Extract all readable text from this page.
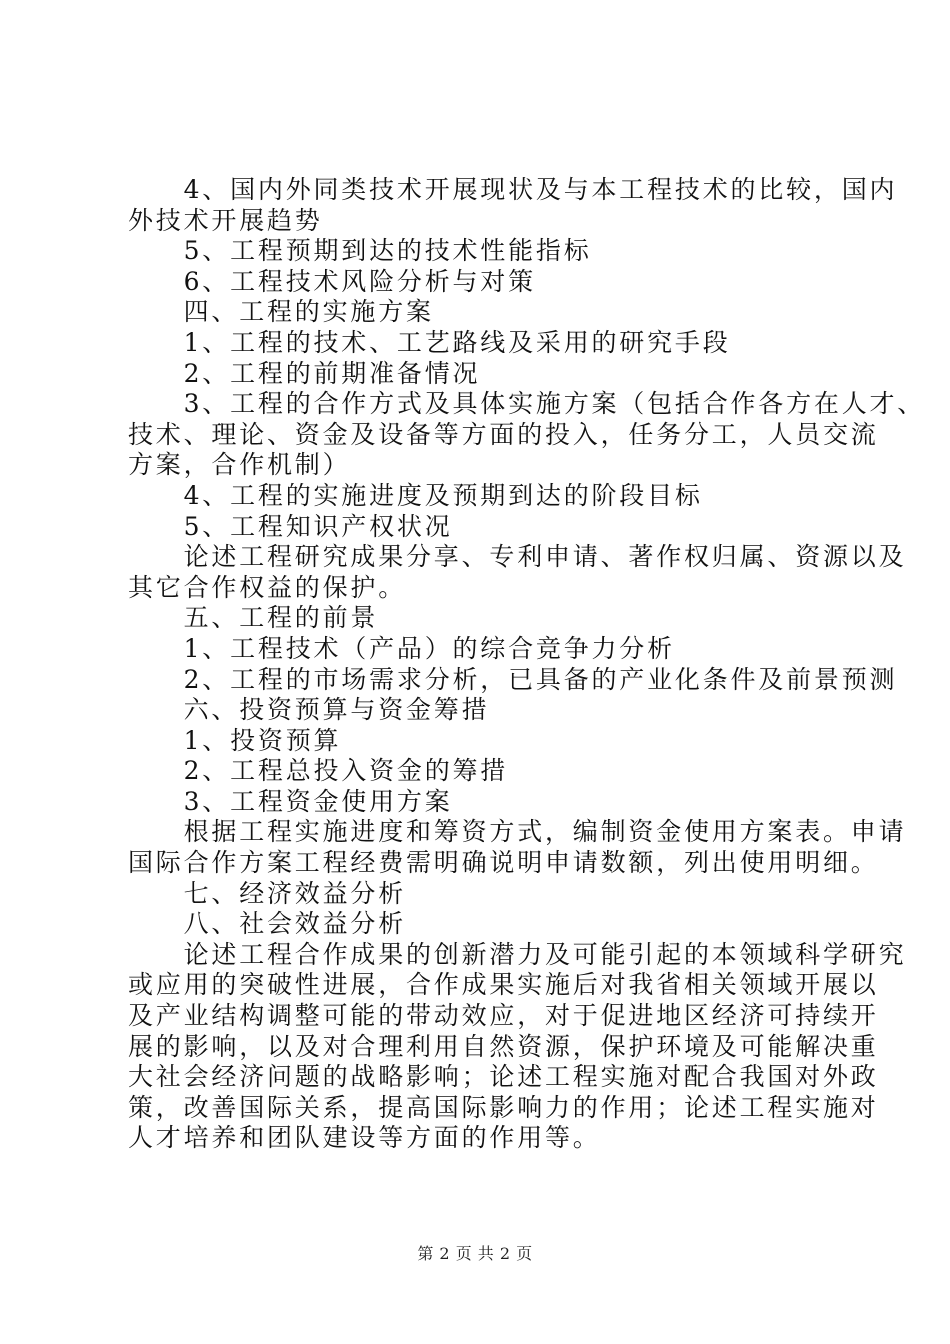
　　4、国内外同类技术开展现状及与本工程技术的比较，国内

外技术开展趋势

　　5、工程预期到达的技术性能指标

　　6、工程技术风险分析与对策

　　四、工程的实施方案

　　1、工程的技术、工艺路线及采用的研究手段

　　2、工程的前期准备情况

　　3、工程的合作方式及具体实施方案（包括合作各方在人才、

技术、理论、资金及设备等方面的投入，任务分工，人员交流

方案，合作机制）

　　4、工程的实施进度及预期到达的阶段目标

　　5、工程知识产权状况

　　论述工程研究成果分享、专利申请、著作权归属、资源以及

其它合作权益的保护。

　　五、工程的前景

　　1、工程技术（产品）的综合竞争力分析

　　2、工程的市场需求分析，已具备的产业化条件及前景预测

　　六、投资预算与资金筹措

　　1、投资预算

　　2、工程总投入资金的筹措

　　3、工程资金使用方案

　　根据工程实施进度和筹资方式，编制资金使用方案表。申请

国际合作方案工程经费需明确说明申请数额，列出使用明细。

　　七、经济效益分析

　　八、社会效益分析

　　论述工程合作成果的创新潜力及可能引起的本领域科学研究

或应用的突破性进展，合作成果实施后对我省相关领域开展以

及产业结构调整可能的带动效应，对于促进地区经济可持续开

展的影响，以及对合理利用自然资源，保护环境及可能解决重

大社会经济问题的战略影响；论述工程实施对配合我国对外政

策，改善国际关系，提高国际影响力的作用；论述工程实施对

人才培养和团队建设等方面的作用等。

第 2 页 共 2 页
